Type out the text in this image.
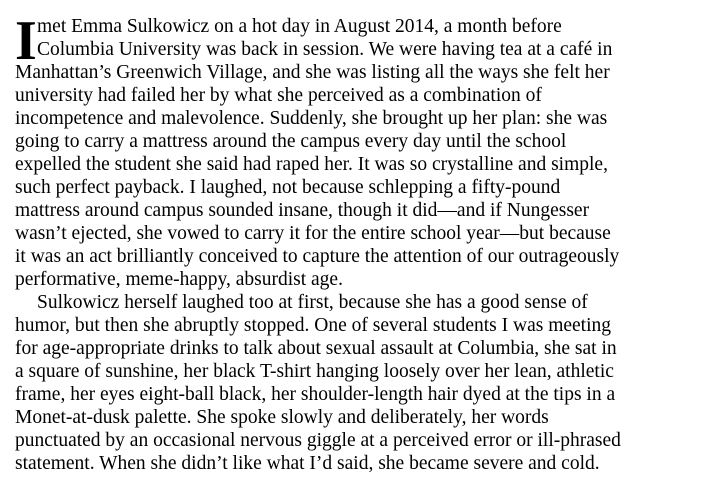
I met Emma Sulkowicz on a hot day in August 2014, a month before
Columbia University was back in session. We were having tea at a café in
Manhattan’s Greenwich Village, and she was listing all the ways she felt her
university had failed her by what she perceived as a combination of
incompetence and malevolence. Suddenly, she brought up her plan: she was
going to carry a mattress around the campus every day until the school
expelled the student she said had raped her. It was so crystalline and simple,
such perfect payback. I laughed, not because schlepping a fifty-pound
mattress around campus sounded insane, though it did—and if Nungesser
wasn’t ejected, she vowed to carry it for the entire school year—but because
it was an act brilliantly conceived to capture the attention of our outrageously
performative, meme-happy, absurdist age.
Sulkowicz herself laughed too at first, because she has a good sense of
humor, but then she abruptly stopped. One of several students I was meeting
for age-appropriate drinks to talk about sexual assault at Columbia, she sat in
a square of sunshine, her black T-shirt hanging loosely over her lean, athletic
frame, her eyes eight-ball black, her shoulder-length hair dyed at the tips in a
Monet-at-dusk palette. She spoke slowly and deliberately, her words
punctuated by an occasional nervous giggle at a perceived error or ill-phrased
statement. When she didn’t like what I’d said, she became severe and cold.
